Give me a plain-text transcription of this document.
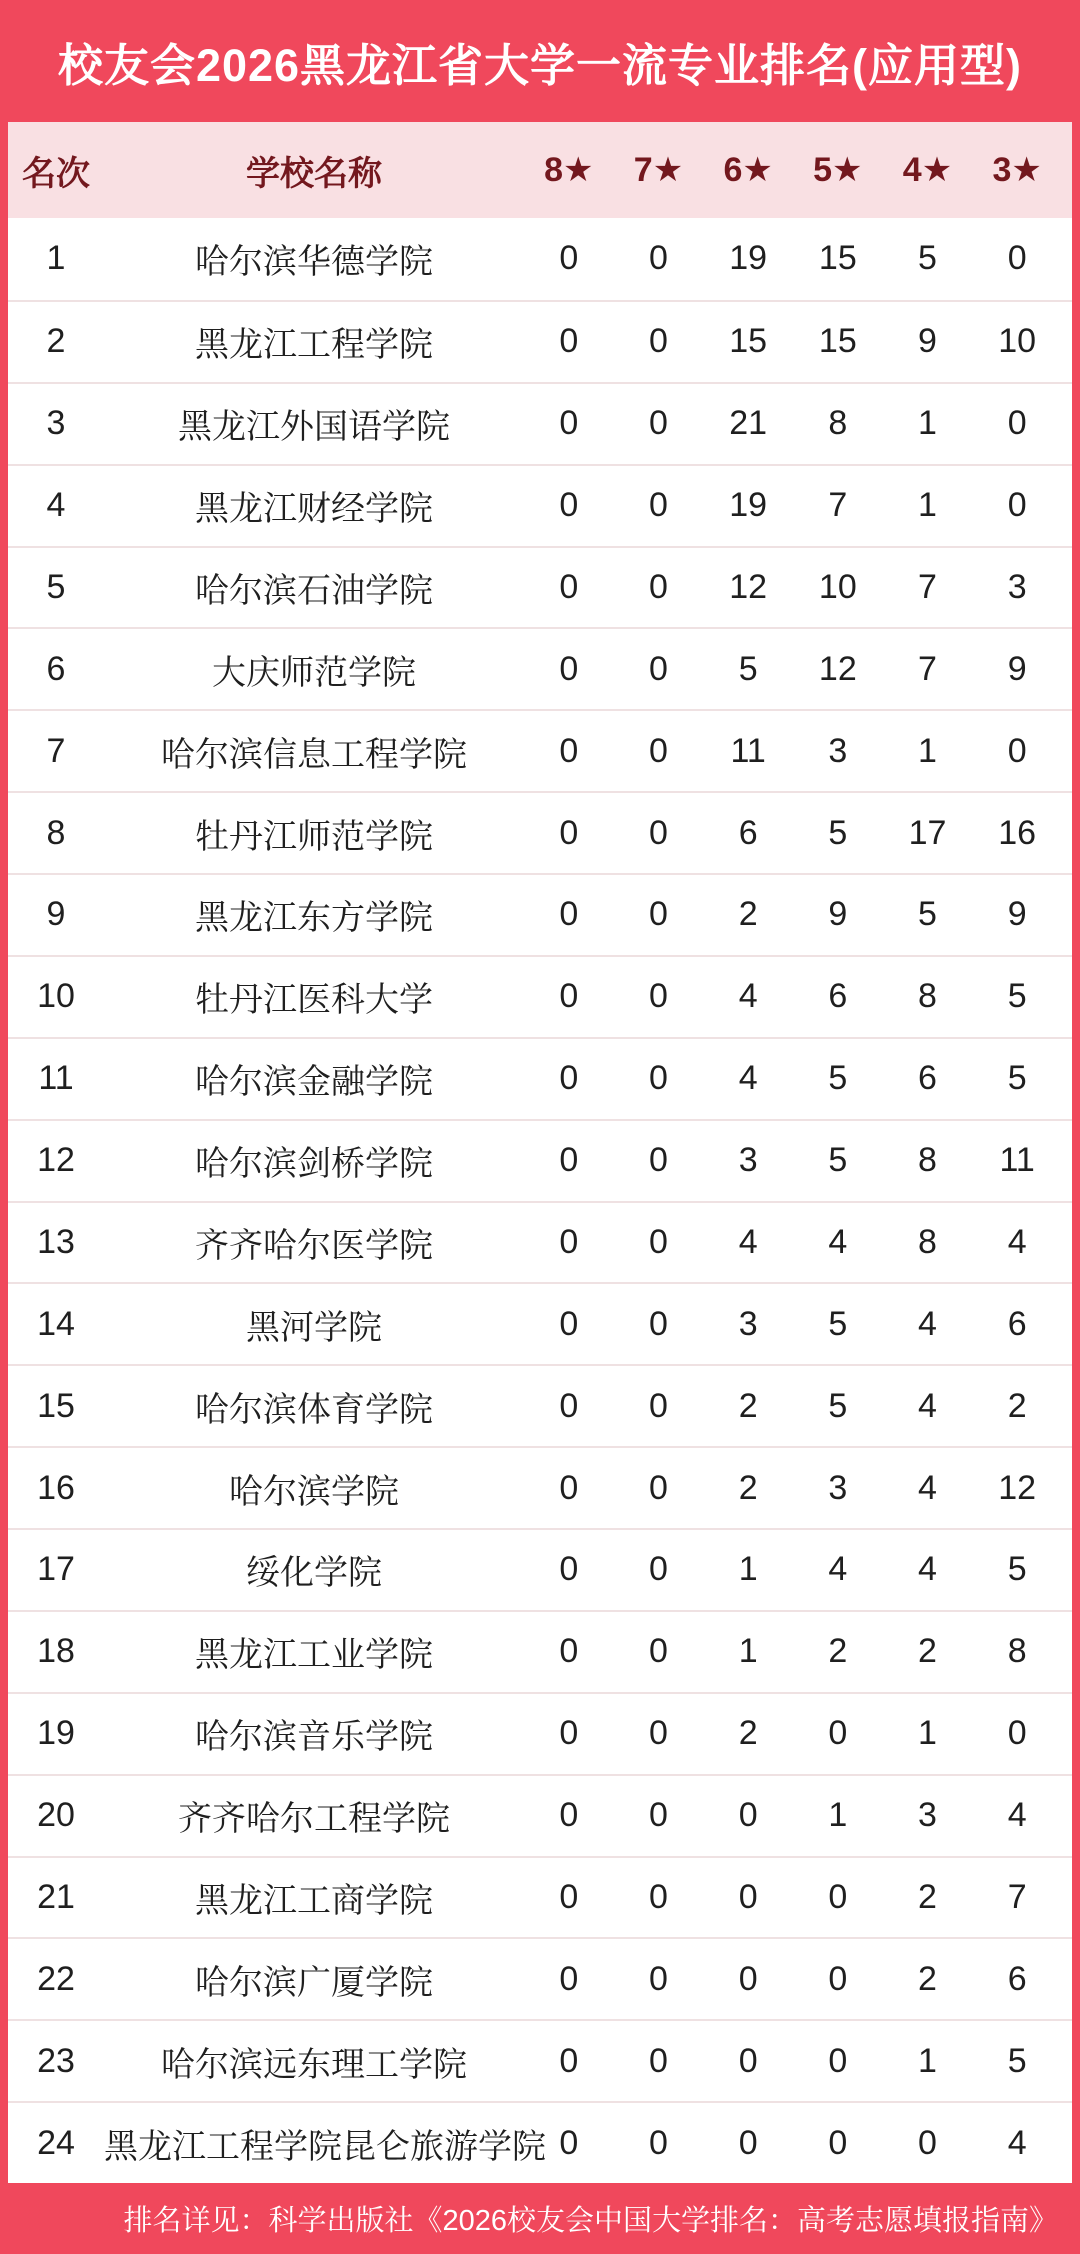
校友会2026黑龙江省大学一流专业排名(应用型)
名次	学校名称	8★	7★	6★	5★	4★	3★
1	哈尔滨华德学院	0	0	19	15	5	0
2	黑龙江工程学院	0	0	15	15	9	10
3	黑龙江外国语学院	0	0	21	8	1	0
4	黑龙江财经学院	0	0	19	7	1	0
5	哈尔滨石油学院	0	0	12	10	7	3
6	大庆师范学院	0	0	5	12	7	9
7	哈尔滨信息工程学院	0	0	11	3	1	0
8	牡丹江师范学院	0	0	6	5	17	16
9	黑龙江东方学院	0	0	2	9	5	9
10	牡丹江医科大学	0	0	4	6	8	5
11	哈尔滨金融学院	0	0	4	5	6	5
12	哈尔滨剑桥学院	0	0	3	5	8	11
13	齐齐哈尔医学院	0	0	4	4	8	4
14	黑河学院	0	0	3	5	4	6
15	哈尔滨体育学院	0	0	2	5	4	2
16	哈尔滨学院	0	0	2	3	4	12
17	绥化学院	0	0	1	4	4	5
18	黑龙江工业学院	0	0	1	2	2	8
19	哈尔滨音乐学院	0	0	2	0	1	0
20	齐齐哈尔工程学院	0	0	0	1	3	4
21	黑龙江工商学院	0	0	0	0	2	7
22	哈尔滨广厦学院	0	0	0	0	2	6
23	哈尔滨远东理工学院	0	0	0	0	1	5
24 黑龙江工程学院昆仑旅游学院 0	0	0	0	0	4
排名详见：科学出版社《2026校友会中国大学排名：高考志愿填报指南》
